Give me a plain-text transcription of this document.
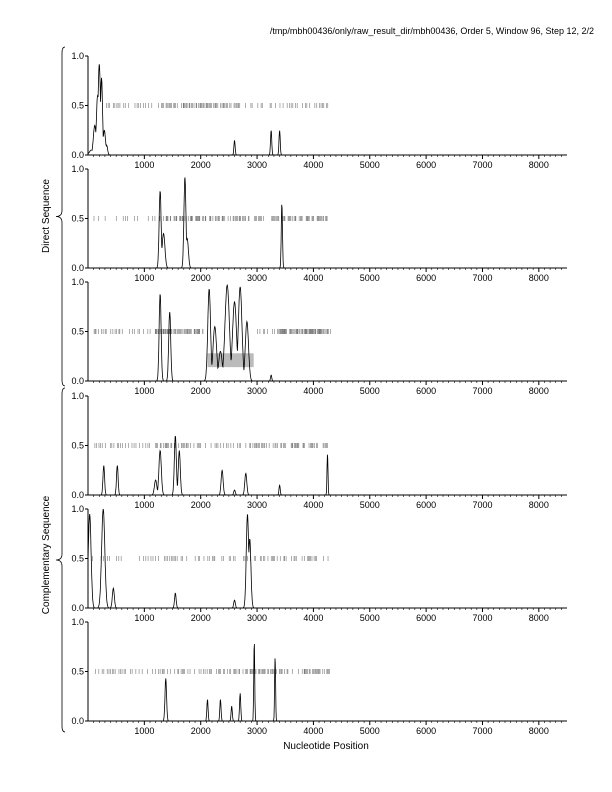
/tmp/mbh00436/only/raw_result_dir/mbh00436, Order 5, Window 96, Step 12, 2/2
Direct Sequence
Complementary Sequence
0.0
0.5
1.0
1000	2000	3000	4000	5000	6000	7000	8000
0.0
0.5
1.0
1000	2000	3000	4000	5000	6000	7000	8000
0.0
0.5
1.0
1000	2000	3000	4000	5000	6000	7000	8000
0.0
0.5
1.0
1000	2000	3000	4000	5000	6000	7000	8000
0.0
0.5
1.0
1000	2000	3000	4000	5000	6000	7000	8000
0.0
0.5
1.0
1000	2000	3000	4000	5000	6000	7000	8000
Nucleotide Position
